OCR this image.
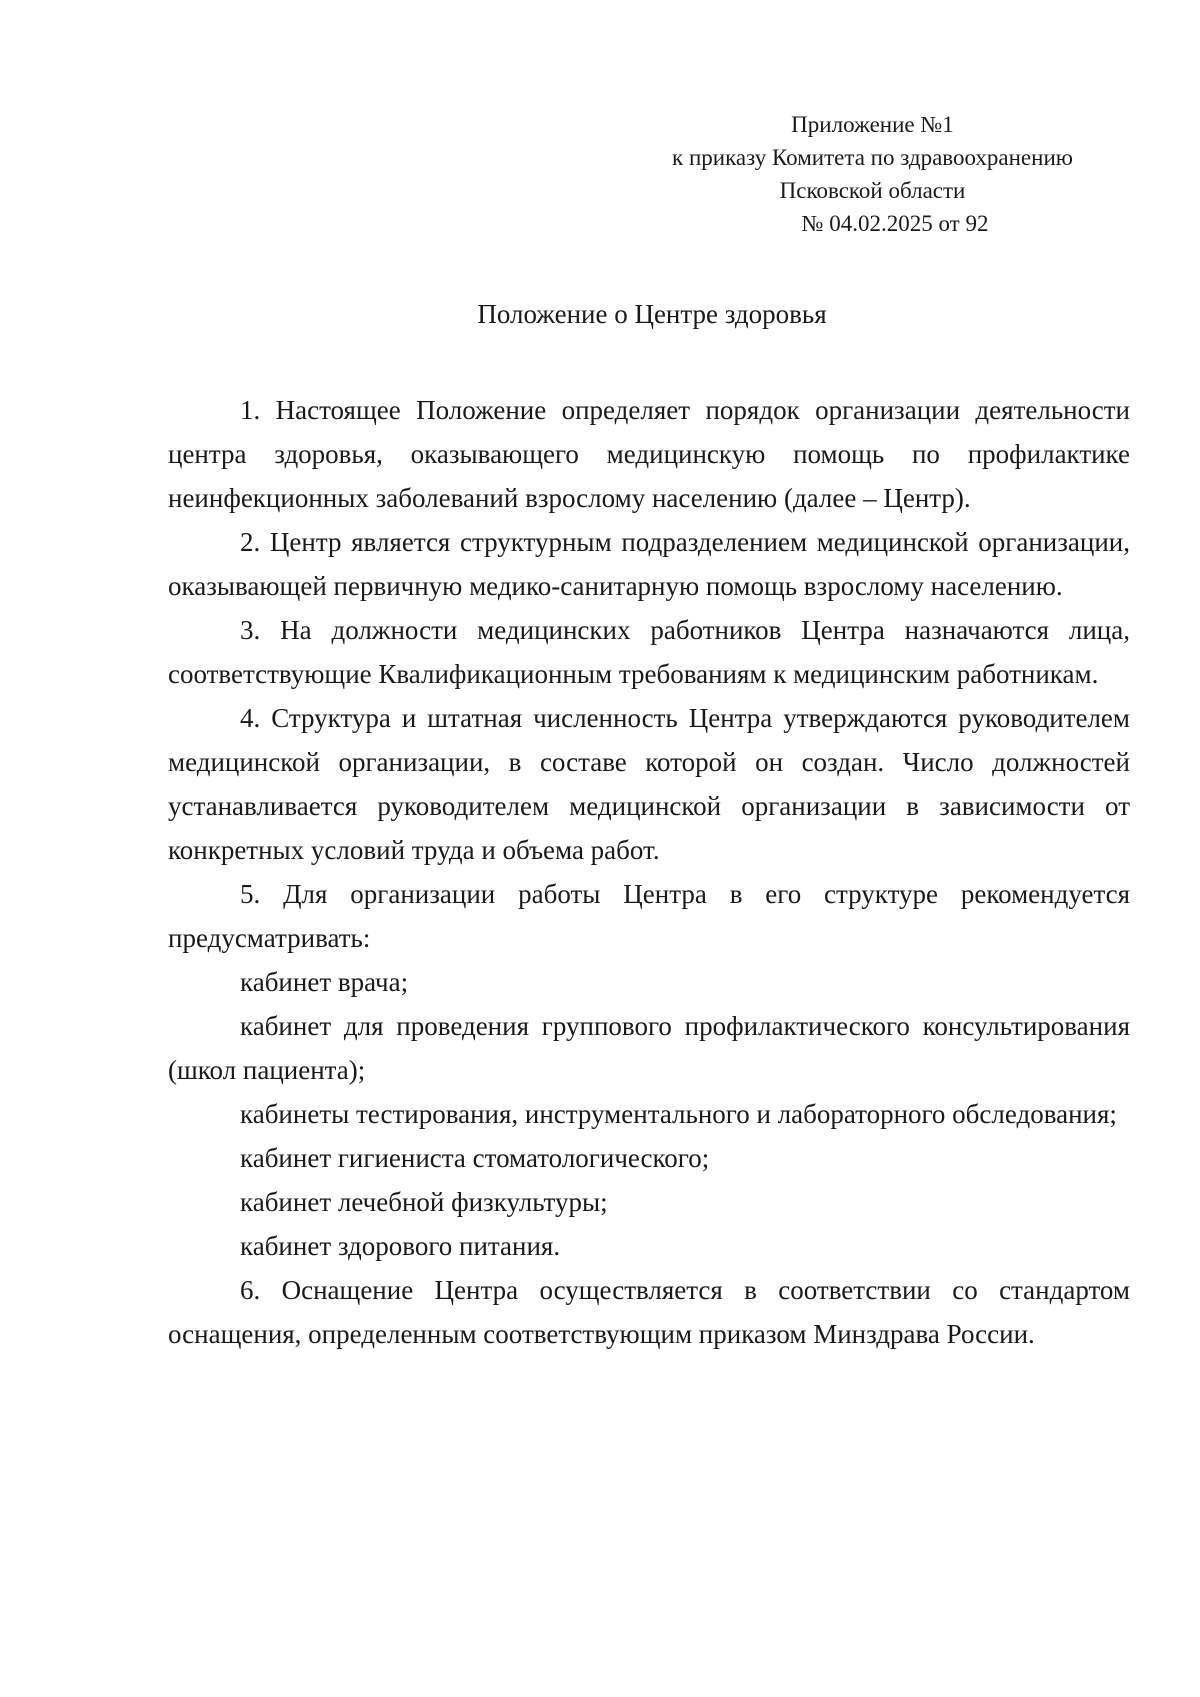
Приложение №1
к приказу Комитета по здравоохранению
Псковской области
№ 04.02.2025 от 92
Положение о Центре здоровья

1. Настоящее Положение определяет порядок организации деятельности центра здоровья, оказывающего медицинскую помощь по профилактике неинфекционных заболеваний взрослому населению (далее – Центр).

2. Центр является структурным подразделением медицинской организации, оказывающей первичную медико-санитарную помощь взрослому населению.

3. На должности медицинских работников Центра назначаются лица, соответствующие Квалификационным требованиям к медицинским работникам.

4. Структура и штатная численность Центра утверждаются руководителем медицинской организации, в составе которой он создан. Число должностей устанавливается руководителем медицинской организации в зависимости от конкретных условий труда и объема работ.

5. Для организации работы Центра в его структуре рекомендуется предусматривать:

кабинет врача;

кабинет для проведения группового профилактического консультирования (школ пациента);

кабинеты тестирования, инструментального и лабораторного обследования;

кабинет гигиениста стоматологического;

кабинет лечебной физкультуры;

кабинет здорового питания.

6. Оснащение Центра осуществляется в соответствии со стандартом оснащения, определенным соответствующим приказом Минздрава России.
